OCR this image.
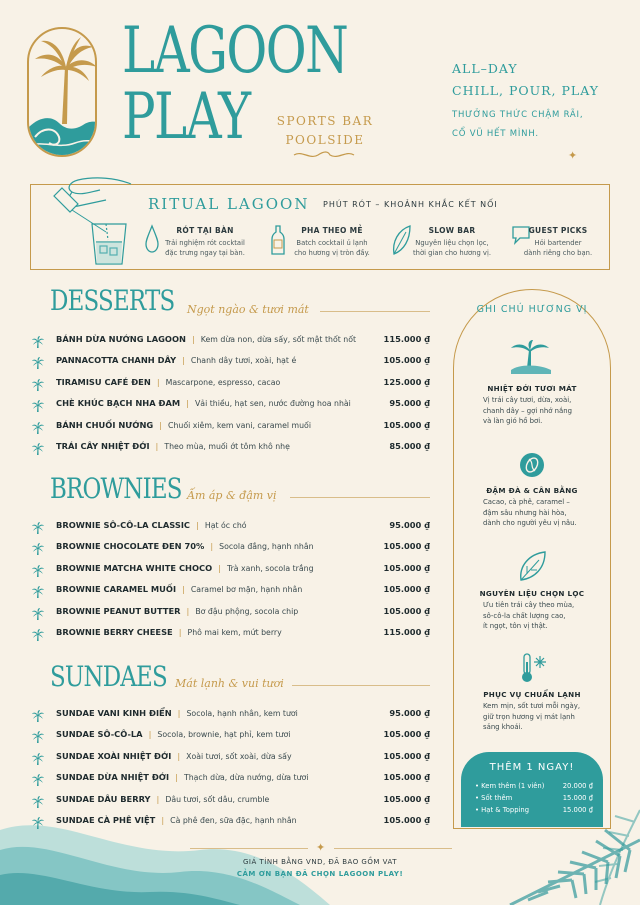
LAGOON
PLAY	SPORTS BAR
POOLSIDE
ALL–DAY
CHILL, POUR, PLAY
THƯỞNG THỨC CHẬM RÃI,
CỔ VŨ HẾT MÌNH.
✦
RITUAL LAGOON PHÚT RÓT – KHOẢNH KHẮC KẾT NỐI
RÓT TẠI BÀN
Trải nghiệm rót cocktail
đặc trưng ngay tại bàn.
PHA THEO MẺ
Batch cocktail ủ lạnh
cho hương vị tròn đầy.
SLOW BAR
Nguyên liệu chọn lọc,
thời gian cho hương vị.
GUEST PICKS
Hỏi bartender
dành riêng cho bạn.
DESSERTS Ngọt ngào & tươi mát
BÁNH DỪA NƯỚNG LAGOON | Kem dừa non, dừa sấy, sốt mật thốt nốt	115.000 ₫
PANNACOTTA CHANH DÂY | Chanh dây tươi, xoài, hạt é	105.000 ₫
TIRAMISU CAFÉ ĐEN | Mascarpone, espresso, cacao	125.000 ₫
CHÈ KHÚC BẠCH NHA ĐAM | Vải thiều, hạt sen, nước đường hoa nhài	95.000 ₫
BÁNH CHUỐI NƯỚNG | Chuối xiêm, kem vani, caramel muối	105.000 ₫
TRÁI CÂY NHIỆT ĐỚI | Theo mùa, muối ớt tôm khô nhẹ	85.000 ₫
BROWNIES Ấm áp & đậm vị
BROWNIE SÔ-CÔ-LA CLASSIC | Hạt óc chó	95.000 ₫
BROWNIE CHOCOLATE ĐEN 70% | Socola đắng, hạnh nhân	105.000 ₫
BROWNIE MATCHA WHITE CHOCO | Trà xanh, socola trắng	105.000 ₫
BROWNIE CARAMEL MUỐI | Caramel bơ mặn, hạnh nhân	105.000 ₫
BROWNIE PEANUT BUTTER | Bơ đậu phộng, socola chip	105.000 ₫
BROWNIE BERRY CHEESE | Phô mai kem, mứt berry	115.000 ₫
SUNDAES Mát lạnh & vui tươi
SUNDAE VANI KINH ĐIỂN | Socola, hạnh nhân, kem tươi	95.000 ₫
SUNDAE SÔ-CÔ-LA | Socola, brownie, hạt phỉ, kem tươi	105.000 ₫
SUNDAE XOÀI NHIỆT ĐỚI | Xoài tươi, sốt xoài, dừa sấy	105.000 ₫
SUNDAE DỪA NHIỆT ĐỚI | Thạch dừa, dừa nướng, dừa tươi	105.000 ₫
SUNDAE DÂU BERRY | Dâu tươi, sốt dâu, crumble	105.000 ₫
SUNDAE CÀ PHÊ VIỆT | Cà phê đen, sữa đặc, hạnh nhân	105.000 ₫
GHI CHÚ HƯƠNG VỊ
NHIỆT ĐỚI TƯƠI MÁT
Vị trái cây tươi, dừa, xoài,
chanh dây – gợi nhớ nắng
và làn gió hồ bơi.
ĐẬM ĐÀ & CÂN BẰNG
Cacao, cà phê, caramel –
đậm sâu nhưng hài hòa,
dành cho người yêu vị nâu.
NGUYÊN LIỆU CHỌN LỌC
Ưu tiên trái cây theo mùa,
sô-cô-la chất lượng cao,
ít ngọt, tôn vị thật.
PHỤC VỤ CHUẨN LẠNH
Kem mịn, sốt tươi mỗi ngày,
giữ trọn hương vị mát lạnh
sảng khoái.
THÊM 1 NGAY!
• Kem thêm (1 viên)	20.000 ₫
• Sốt thêm	15.000 ₫
• Hạt & Topping	15.000 ₫
✦
GIÁ TÍNH BẰNG VND, ĐÃ BAO GỒM VAT
CẢM ƠN BẠN ĐÃ CHỌN LAGOON PLAY!
